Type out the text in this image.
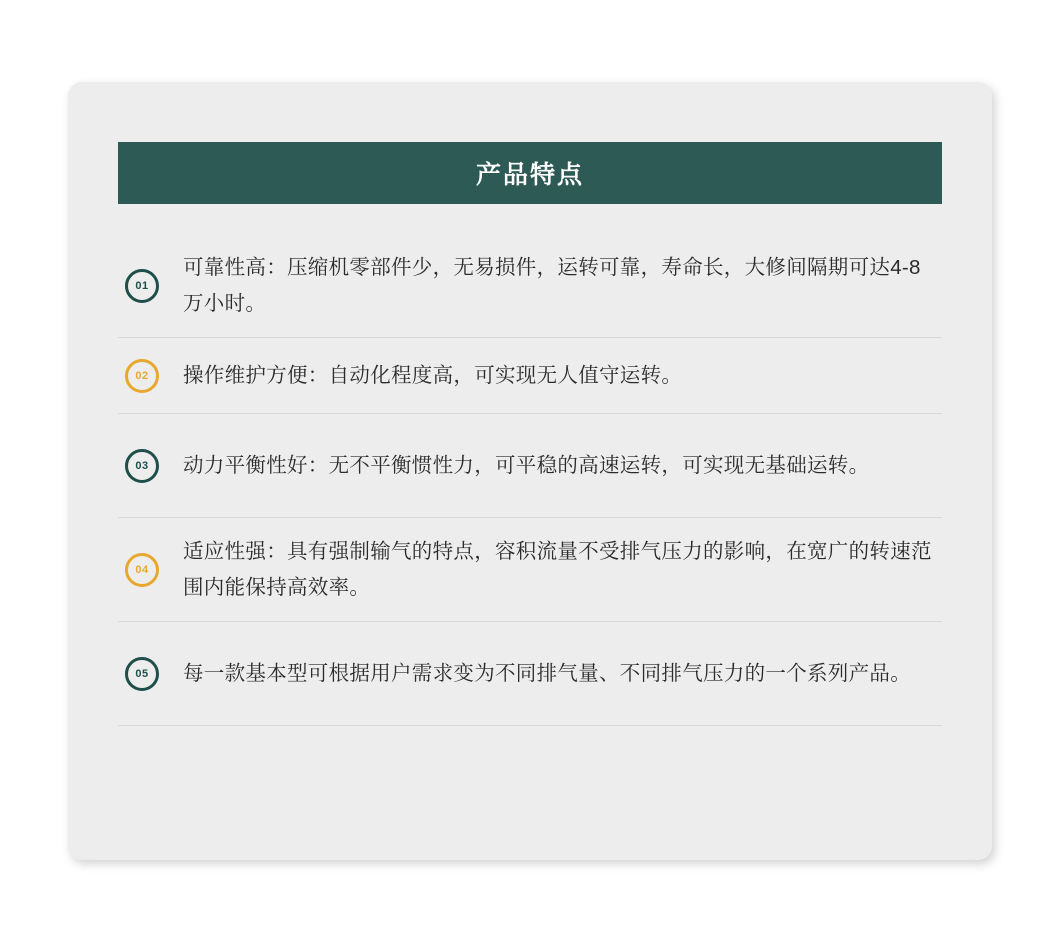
产品特点
01
可靠性高：压缩机零部件少，无易损件，运转可靠，寿命长，大修间隔期可达4-8万小时。
02	操作维护方便：自动化程度高，可实现无人值守运转。
03	动力平衡性好：无不平衡惯性力，可平稳的高速运转，可实现无基础运转。
04
适应性强：具有强制输气的特点，容积流量不受排气压力的影响，在宽广的转速范围内能保持高效率。
05	每一款基本型可根据用户需求变为不同排气量、不同排气压力的一个系列产品。
